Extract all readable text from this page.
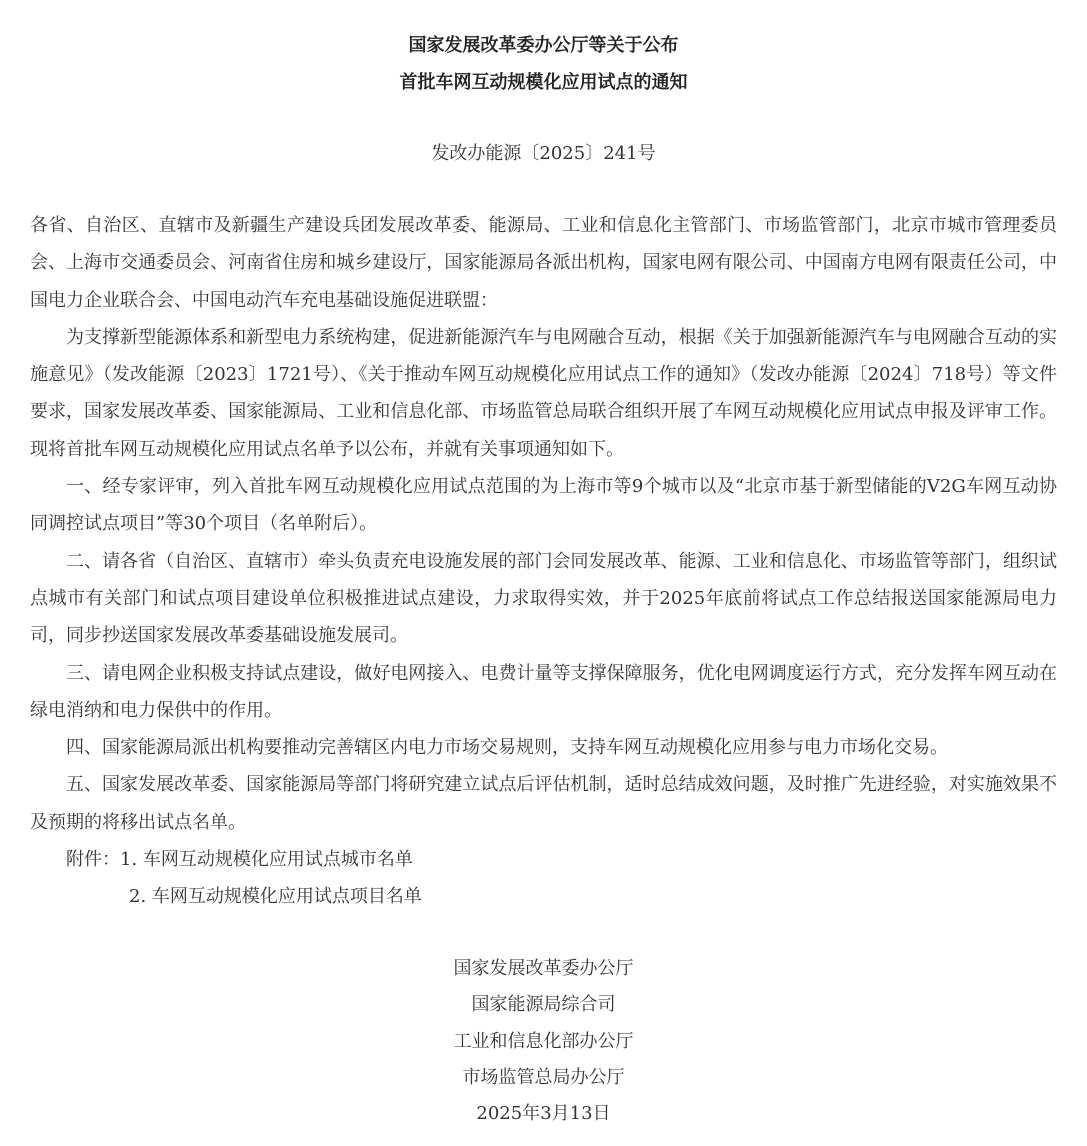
国家发展改革委办公厅等关于公布
首批车网互动规模化应用试点的通知
发改办能源〔2025〕241号

各省、自治区、直辖市及新疆生产建设兵团发展改革委、能源局、工业和信息化主管部门、市场监管部门，北京市城市管理委员会、上海市交通委员会、河南省住房和城乡建设厅，国家能源局各派出机构，国家电网有限公司、中国南方电网有限责任公司，中国电力企业联合会、中国电动汽车充电基础设施促进联盟：

为支撑新型能源体系和新型电力系统构建，促进新能源汽车与电网融合互动，根据《关于加强新能源汽车与电网融合互动的实施意见》（发改能源〔2023〕1721号）、《关于推动车网互动规模化应用试点工作的通知》（发改办能源〔2024〕718号）等文件要求，国家发展改革委、国家能源局、工业和信息化部、市场监管总局联合组织开展了车网互动规模化应用试点申报及评审工作。现将首批车网互动规模化应用试点名单予以公布，并就有关事项通知如下。

一、经专家评审，列入首批车网互动规模化应用试点范围的为上海市等9个城市以及“北京市基于新型储能的V2G车网互动协同调控试点项目”等30个项目（名单附后）。

二、请各省（自治区、直辖市）牵头负责充电设施发展的部门会同发展改革、能源、工业和信息化、市场监管等部门，组织试点城市有关部门和试点项目建设单位积极推进试点建设，力求取得实效，并于2025年底前将试点工作总结报送国家能源局电力司，同步抄送国家发展改革委基础设施发展司。

三、请电网企业积极支持试点建设，做好电网接入、电费计量等支撑保障服务，优化电网调度运行方式，充分发挥车网互动在绿电消纳和电力保供中的作用。

四、国家能源局派出机构要推动完善辖区内电力市场交易规则，支持车网互动规模化应用参与电力市场化交易。

五、国家发展改革委、国家能源局等部门将研究建立试点后评估机制，适时总结成效问题，及时推广先进经验，对实施效果不及预期的将移出试点名单。

附件：1. 车网互动规模化应用试点城市名单

2. 车网互动规模化应用试点项目名单

国家发展改革委办公厅
国家能源局综合司
工业和信息化部办公厅
市场监管总局办公厅
2025年3月13日
